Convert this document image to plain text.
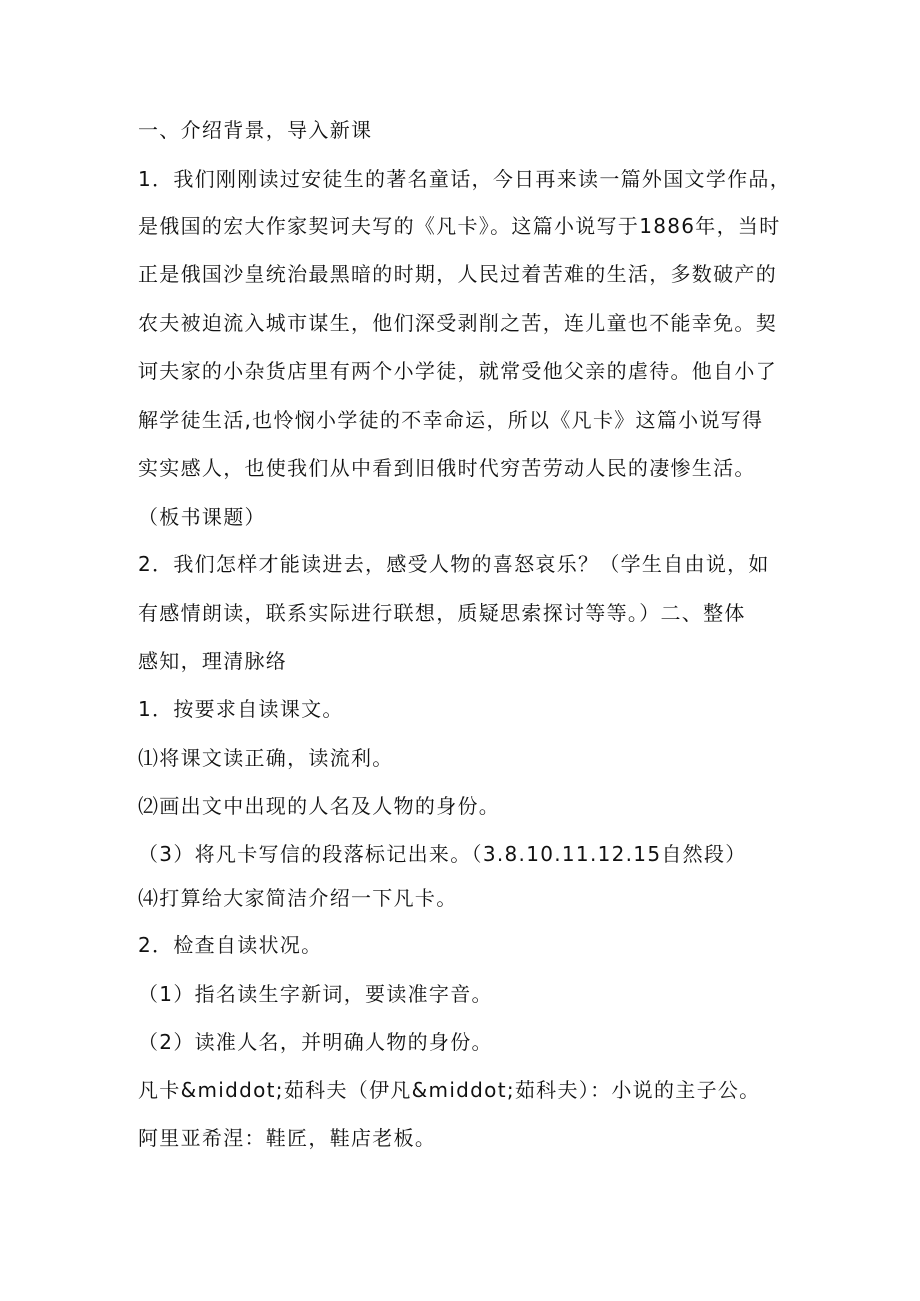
一、介绍背景，导入新课
1．我们刚刚读过安徒生的著名童话，今日再来读一篇外国文学作品，
是俄国的宏大作家契诃夫写的《凡卡》。这篇小说写于1886年，当时
正是俄国沙皇统治最黑暗的时期，人民过着苦难的生活，多数破产的
农夫被迫流入城市谋生，他们深受剥削之苦，连儿童也不能幸免。契
诃夫家的小杂货店里有两个小学徒，就常受他父亲的虐待。他自小了
解学徒生活,也怜悯小学徒的不幸命运，所以《凡卡》这篇小说写得
实实感人，也使我们从中看到旧俄时代穷苦劳动人民的凄惨生活。
（板书课题）
2．我们怎样才能读进去，感受人物的喜怒哀乐？（学生自由说，如
有感情朗读，联系实际进行联想，质疑思索探讨等等。）二、整体
感知，理清脉络
1．按要求自读课文。
⑴将课文读正确，读流利。
⑵画出文中出现的人名及人物的身份。
（3）将凡卡写信的段落标记出来。（3.8.10.11.12.15自然段）
⑷打算给大家简洁介绍一下凡卡。
2．检查自读状况。
（1）指名读生字新词，要读准字音。
（2）读准人名，并明确人物的身份。
凡卡&middot;茹科夫（伊凡&middot;茹科夫）：小说的主子公。
阿里亚希涅：鞋匠，鞋店老板。
